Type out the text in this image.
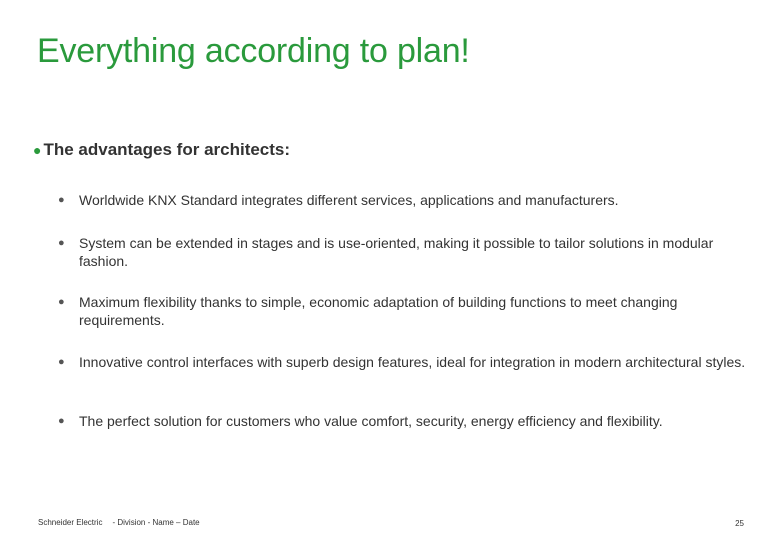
Everything according to plan!
● The advantages for architects:
●	Worldwide KNX Standard integrates different services, applications and manufacturers.
●	System can be extended in stages and is use-oriented, making it possible to tailor solutions in modular fashion.
●	Maximum flexibility thanks to simple, economic adaptation of building functions to meet changing requirements.
●	Innovative control interfaces with superb design features, ideal for integration in modern architectural styles.
●	The perfect solution for customers who value comfort, security, energy efficiency and flexibility.
Schneider Electric - Division - Name – Date	25
